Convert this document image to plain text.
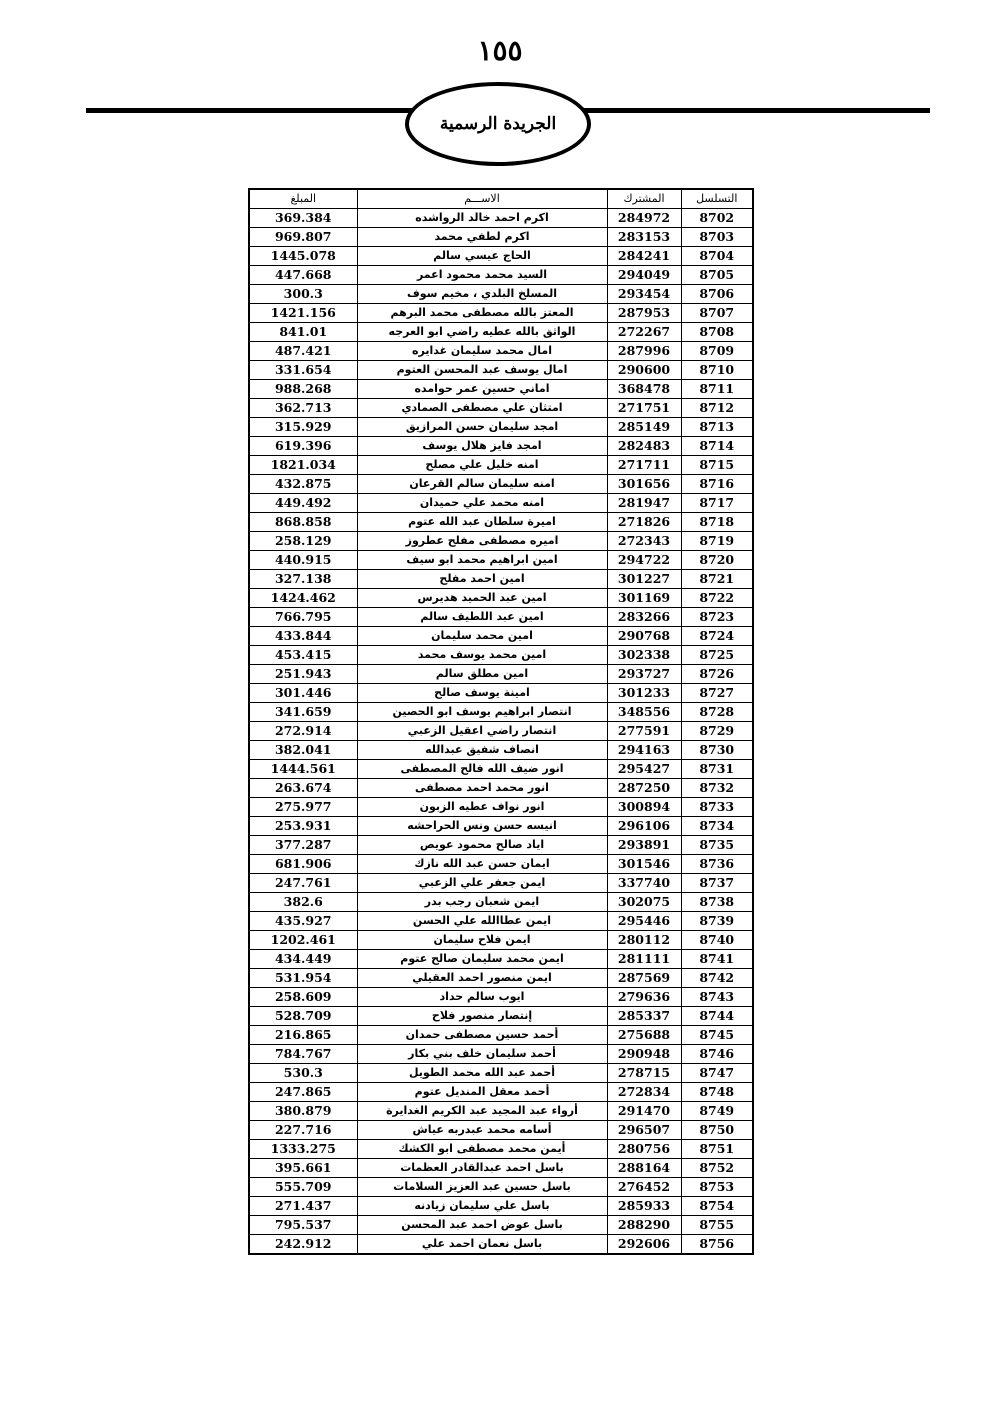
١٥٥
الجريدة الرسمية
المبلغ	الاســـم	المشترك	التسلسل
369.384	اكرم احمد خالد الرواشده	284972	8702
969.807	اكرم لطفي محمد	283153	8703
1445.078	الحاج عيسي سالم	284241	8704
447.668	السيد محمد محمود اعمر	294049	8705
300.3	المسلخ البلدي ، مخيم سوف	293454	8706
1421.156	المعتز بالله مصطفى محمد البرهم	287953	8707
841.01	الواثق بالله عطيه راضي ابو العرجه	272267	8708
487.421	امال محمد سليمان غدايره	287996	8709
331.654	امال يوسف عبد المحسن العتوم	290600	8710
988.268	اماني حسين عمر حوامده	368478	8711
362.713	امتثان علي مصطفى الصمادي	271751	8712
315.929	امجد سليمان حسن المرازيق	285149	8713
619.396	امجد فايز هلال يوسف	282483	8714
1821.034	امنه خليل علي مصلح	271711	8715
432.875	امنه سليمان سالم القرعان	301656	8716
449.492	امنه محمد علي حميدان	281947	8717
868.858	اميرة سلطان عبد الله عتوم	271826	8718
258.129	اميره مصطفى مفلح عطروز	272343	8719
440.915	امين ابراهيم محمد ابو سيف	294722	8720
327.138	امين احمد مفلح	301227	8721
1424.462	امين عبد الحميد هديرس	301169	8722
766.795	امين عبد اللطيف سالم	283266	8723
433.844	امين محمد سليمان	290768	8724
453.415	امين محمد يوسف محمد	302338	8725
251.943	امين مطلق سالم	293727	8726
301.446	امينة يوسف صالح	301233	8727
341.659	انتصار ابراهيم يوسف ابو الحصين	348556	8728
272.914	انتصار راضي اعقيل الزعبي	277591	8729
382.041	انصاف شفيق عبدالله	294163	8730
1444.561	انور ضيف الله فالح المصطفى	295427	8731
263.674	انور محمد احمد مصطفى	287250	8732
275.977	انور نواف عطيه الزبون	300894	8733
253.931	انيسه حسن ونس الحراحشه	296106	8734
377.287	اياد صالح محمود عويص	293891	8735
681.906	ايمان حسن عبد الله نازك	301546	8736
247.761	ايمن جعفر علي الزعبي	337740	8737
382.6	ايمن شعبان رجب بدر	302075	8738
435.927	ايمن عطاالله علي الحسن	295446	8739
1202.461	ايمن فلاح سليمان	280112	8740
434.449	ايمن محمد سليمان صالح عتوم	281111	8741
531.954	ايمن منصور احمد العقيلي	287569	8742
258.609	ايوب سالم حداد	279636	8743
528.709	إنتصار منصور فلاح	285337	8744
216.865	أحمد حسين مصطفى حمدان	275688	8745
784.767	أحمد سليمان خلف بني بكار	290948	8746
530.3	أحمد عبد الله محمد الطويل	278715	8747
247.865	أحمد معقل المنديل عتوم	272834	8748
380.879	أرواء عبد المجيد عبد الكريم الغدايرة	291470	8749
227.716	أسامه محمد عبدربه عياش	296507	8750
1333.275	أيمن محمد مصطفى ابو الكشك	280756	8751
395.661	باسل احمد عبدالقادر العظمات	288164	8752
555.709	باسل حسين عبد العزيز السلامات	276452	8753
271.437	باسل علي سليمان زيادنه	285933	8754
795.537	باسل عوض احمد عبد المحسن	288290	8755
242.912	باسل نعمان احمد علي	292606	8756
